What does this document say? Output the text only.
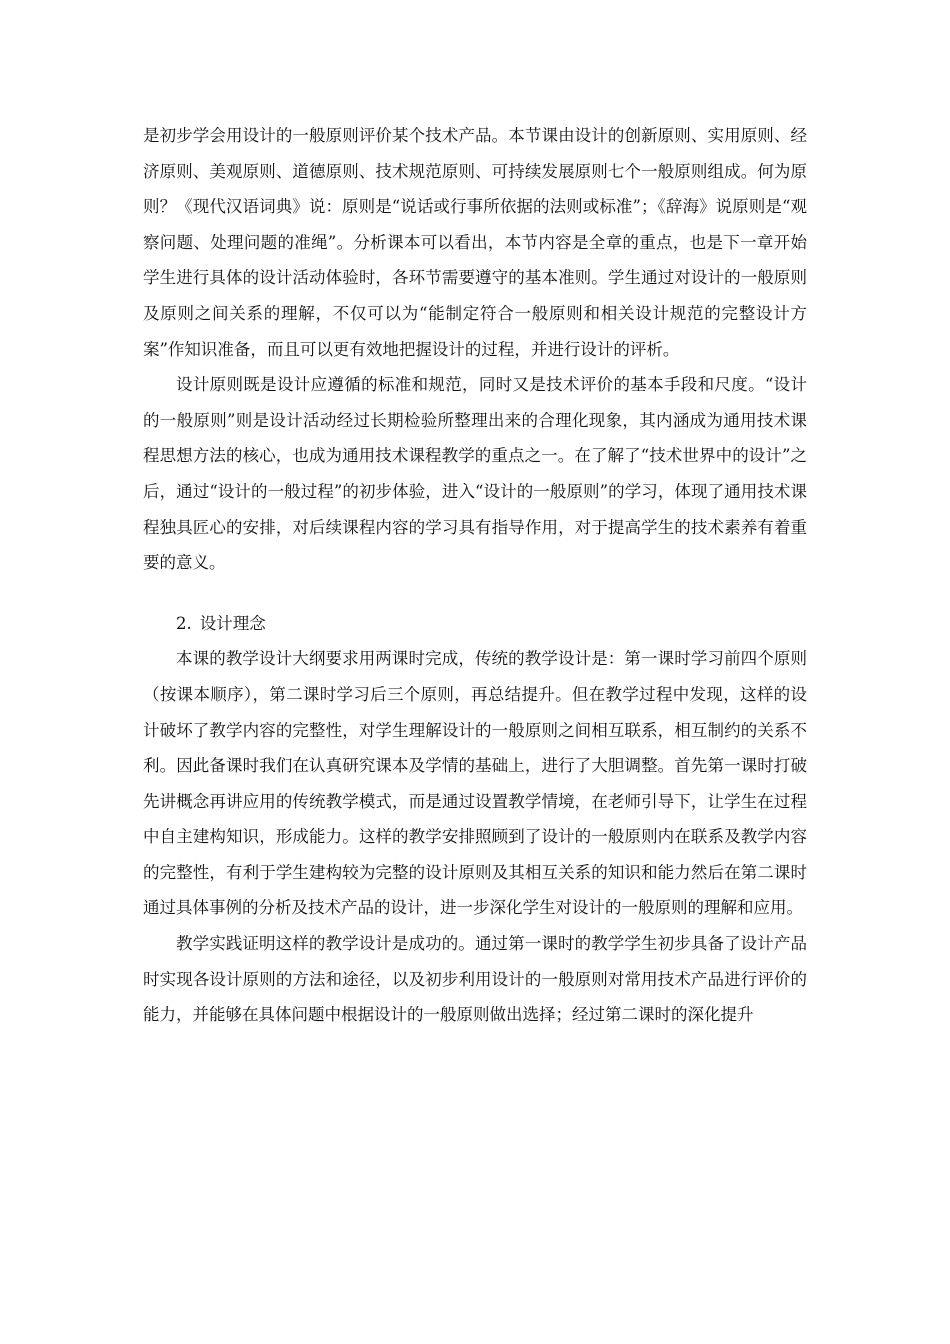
是初步学会用设计的一般原则评价某个技术产品。本节课由设计的创新原则、实用原则、经济原则、美观原则、道德原则、技术规范原则、可持续发展原则七个一般原则组成。何为原则？《现代汉语词典》说：原则是“说话或行事所依据的法则或标准”；《辞海》说原则是“观察问题、处理问题的准绳”。分析课本可以看出，本节内容是全章的重点，也是下一章开始学生进行具体的设计活动体验时，各环节需要遵守的基本准则。学生通过对设计的一般原则及原则之间关系的理解，不仅可以为“能制定符合一般原则和相关设计规范的完整设计方案”作知识准备，而且可以更有效地把握设计的过程，并进行设计的评析。

设计原则既是设计应遵循的标准和规范，同时又是技术评价的基本手段和尺度。“设计的一般原则”则是设计活动经过长期检验所整理出来的合理化现象，其内涵成为通用技术课程思想方法的核心，也成为通用技术课程教学的重点之一。在了解了“技术世界中的设计”之后，通过“设计的一般过程”的初步体验，进入“设计的一般原则”的学习，体现了通用技术课程独具匠心的安排，对后续课程内容的学习具有指导作用，对于提高学生的技术素养有着重要的意义。

2. 设计理念

本课的教学设计大纲要求用两课时完成，传统的教学设计是：第一课时学习前四个原则（按课本顺序），第二课时学习后三个原则，再总结提升。但在教学过程中发现，这样的设计破坏了教学内容的完整性，对学生理解设计的一般原则之间相互联系，相互制约的关系不利。因此备课时我们在认真研究课本及学情的基础上，进行了大胆调整。首先第一课时打破先讲概念再讲应用的传统教学模式，而是通过设置教学情境，在老师引导下，让学生在过程中自主建构知识，形成能力。这样的教学安排照顾到了设计的一般原则内在联系及教学内容的完整性，有利于学生建构较为完整的设计原则及其相互关系的知识和能力然后在第二课时通过具体事例的分析及技术产品的设计，进一步深化学生对设计的一般原则的理解和应用。

教学实践证明这样的教学设计是成功的。通过第一课时的教学学生初步具备了设计产品时实现各设计原则的方法和途径，以及初步利用设计的一般原则对常用技术产品进行评价的能力，并能够在具体问题中根据设计的一般原则做出选择；经过第二课时的深化提升
